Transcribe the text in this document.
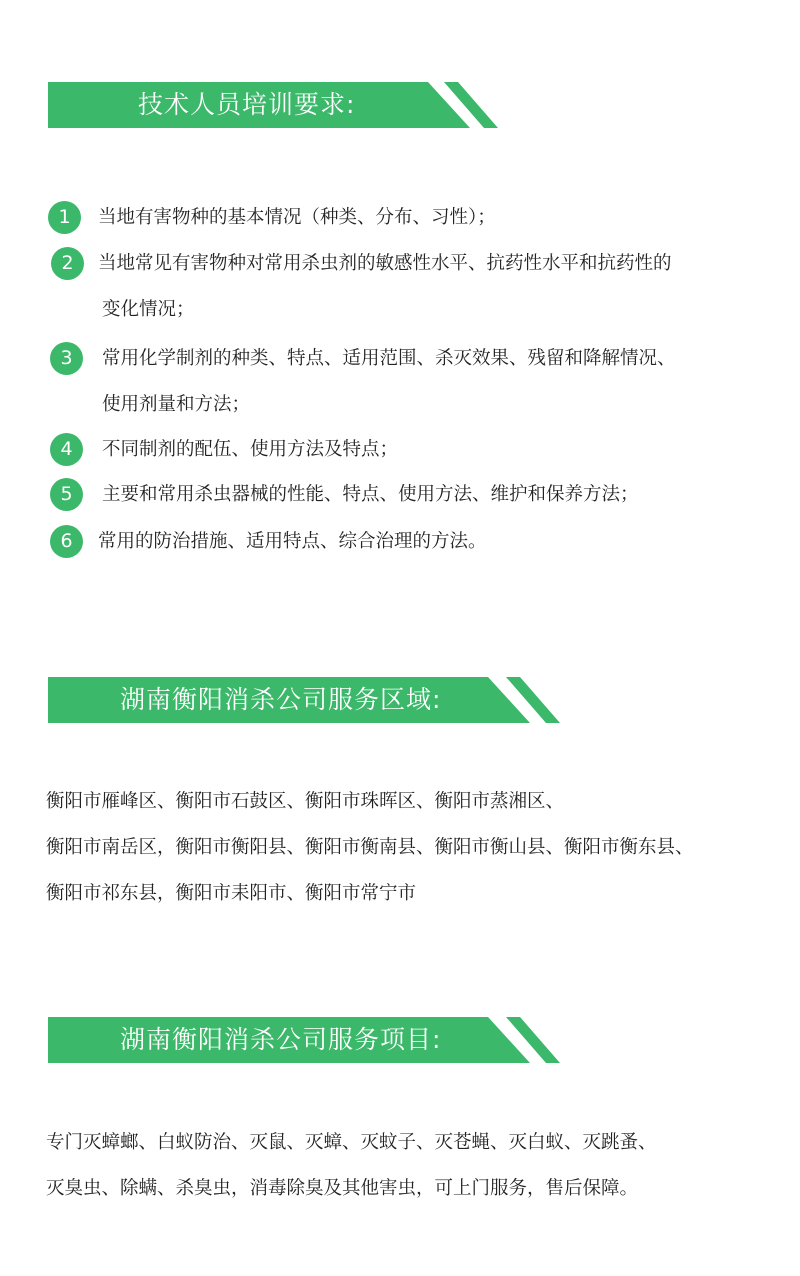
技术人员培训要求:
1	当地有害物种的基本情况（种类、分布、习性）；
2	当地常见有害物种对常用杀虫剂的敏感性水平、抗药性水平和抗药性的
变化情况；
3	常用化学制剂的种类、特点、适用范围、杀灭效果、残留和降解情况、
使用剂量和方法；
4	不同制剂的配伍、使用方法及特点；
5	主要和常用杀虫器械的性能、特点、使用方法、维护和保养方法；
6	常用的防治措施、适用特点、综合治理的方法。
湖南衡阳消杀公司服务区域:
衡阳市雁峰区、衡阳市石鼓区、衡阳市珠晖区、衡阳市蒸湘区、
衡阳市南岳区，衡阳市衡阳县、衡阳市衡南县、衡阳市衡山县、衡阳市衡东县、
衡阳市祁东县，衡阳市耒阳市、衡阳市常宁市
湖南衡阳消杀公司服务项目:
专门灭蟑螂、白蚁防治、灭鼠、灭蟑、灭蚊子、灭苍蝇、灭白蚁、灭跳蚤、
灭臭虫、除螨、杀臭虫，消毒除臭及其他害虫，可上门服务，售后保障。
